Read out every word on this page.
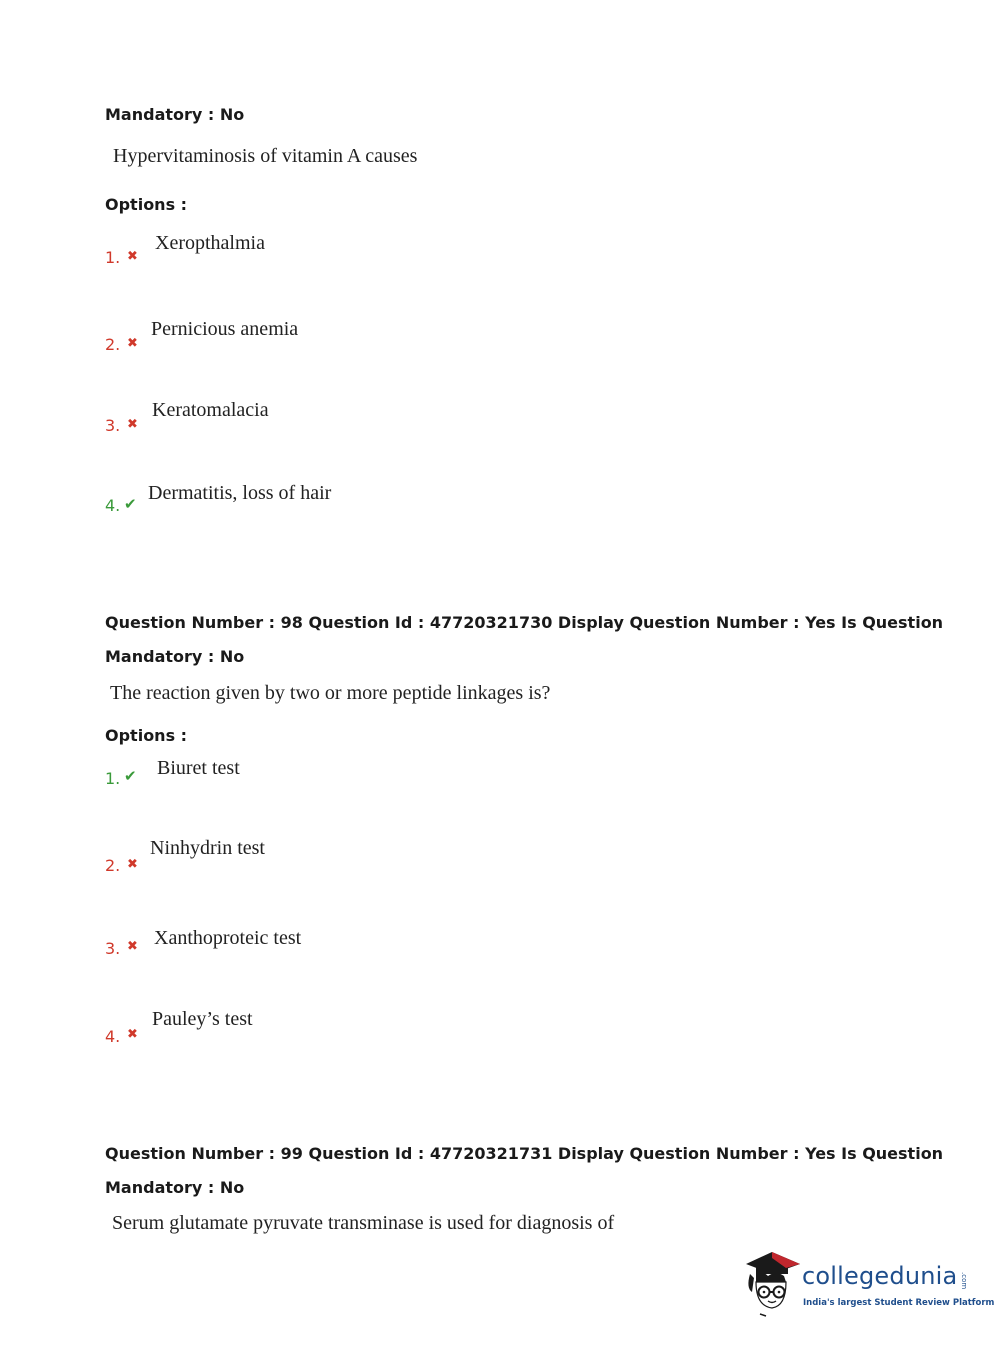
Mandatory : No
Hypervitaminosis of vitamin A causes
Options :
1. ✖
Xeropthalmia
2. ✖
Pernicious anemia
3. ✖
Keratomalacia
4. ✔ Dermatitis, loss of hair
Question Number : 98 Question Id : 47720321730 Display Question Number : Yes Is Question
Mandatory : No
The reaction given by two or more peptide linkages is?
Options :
1. ✔ Biuret test
2. ✖
Ninhydrin test
3. ✖ Xanthoproteic test
4. ✖
Pauley’s test
Question Number : 99 Question Id : 47720321731 Display Question Number : Yes Is Question
Mandatory : No
Serum glutamate pyruvate transminase is used for diagnosis of
collegedunia .com
India's largest Student Review Platform
